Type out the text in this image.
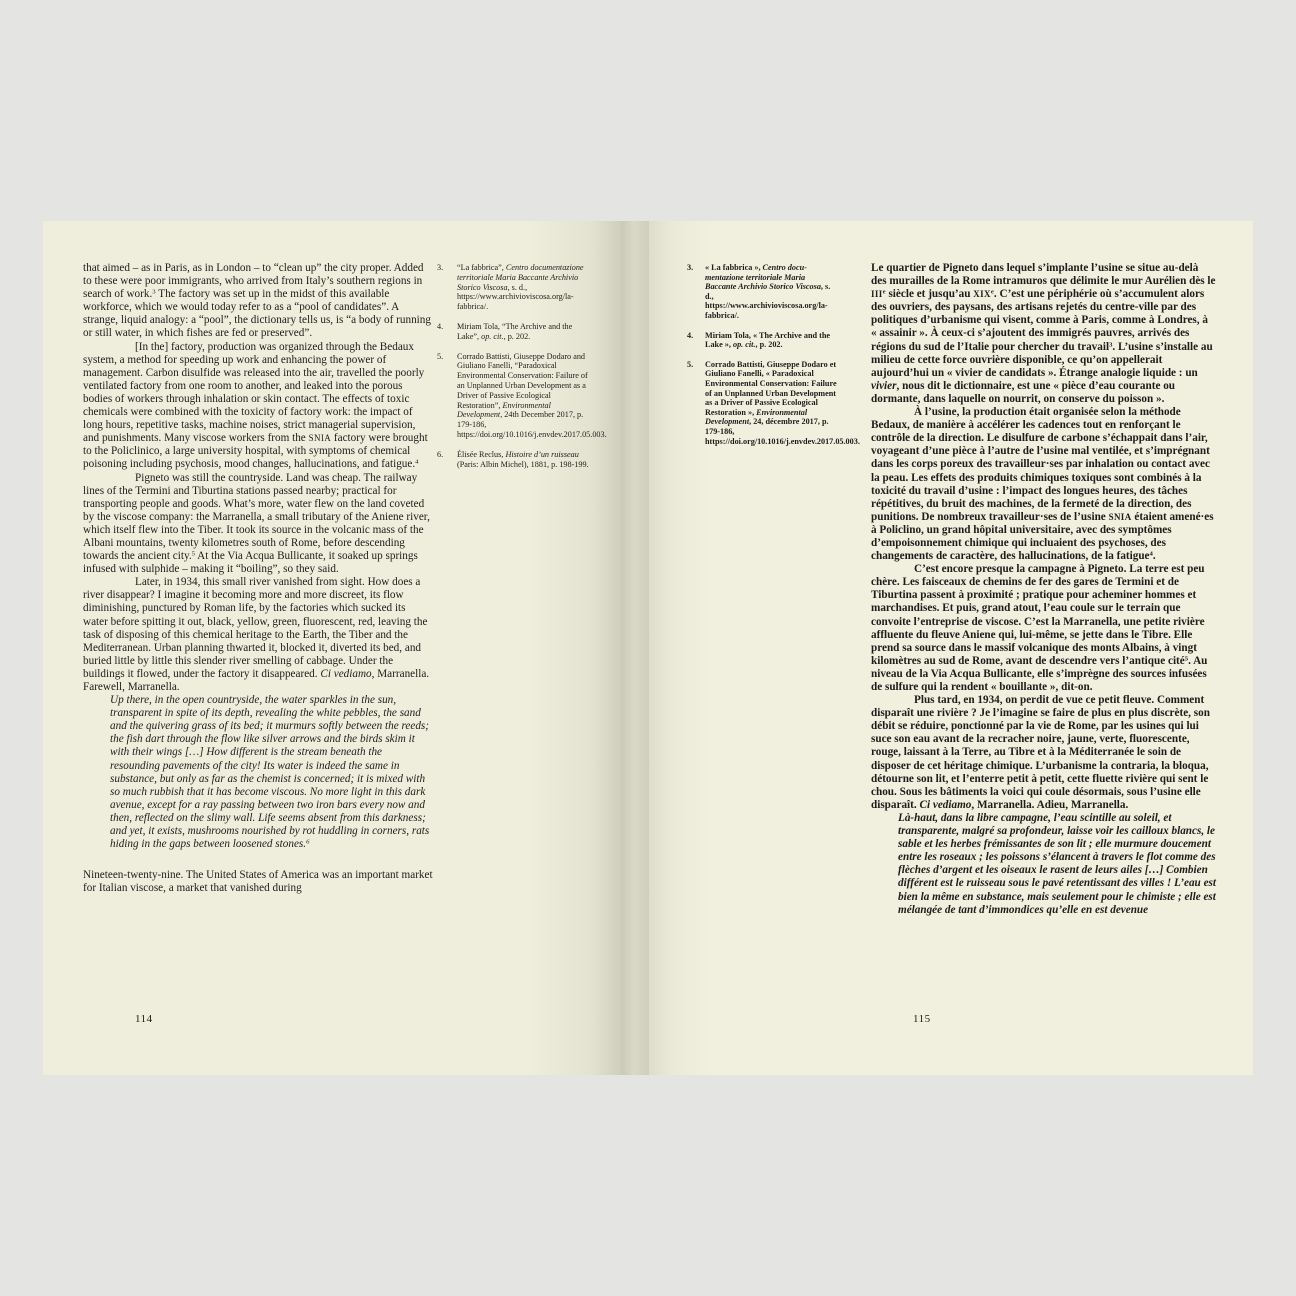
that aimed – as in Paris, as in London – to “clean up” the city proper. Added to these were poor immigrants, who arrived from Italy’s southern regions in search of work.$^3$ The factory was set up in the midst of this available workforce, which we would today refer to as a “pool of candidates”. A strange, liquid analogy: a “pool”, the dictionary tells us, is “a body of running or still water, in which fishes are fed or preserved”.

[In the] factory, production was organized through the Bedaux system, a method for speeding up work and enhancing the power of management. Carbon disulfide was released into the air, travelled the poorly ventilated factory from one room to another, and leaked into the porous bodies of workers through inhalation or skin contact. The effects of toxic chemicals were combined with the toxicity of factory work: the impact of long hours, repetitive tasks, machine noises, strict managerial supervision, and punishments. Many viscose workers from the SNIA factory were brought to the Policlinico, a large university hospital, with symptoms of chemical poisoning including psychosis, mood changes, hallucinations, and fatigue.$^4$

Pigneto was still the countryside. Land was cheap. The railway lines of the Termini and Tiburtina stations passed nearby; practical for transporting people and goods. What’s more, water flew on the land coveted by the viscose company: the Marranella, a small tributary of the Aniene river, which itself flew into the Tiber. It took its source in the volcanic mass of the Albani mountains, twenty kilometres south of Rome, before descending towards the ancient city.$^5$ At the Via Acqua Bullicante, it soaked up springs infused with sulphide – making it “boiling”, so they said.

Later, in 1934, this small river vanished from sight. How does a river disappear? I imagine it becoming more and more discreet, its flow diminishing, punctured by Roman life, by the factories which sucked its water before spitting it out, black, yellow, green, fluorescent, red, leaving the task of disposing of this chemical heritage to the Earth, the Tiber and the Mediterranean. Urban planning thwarted it, blocked it, diverted its bed, and buried little by little this slender river smelling of cabbage. Under the buildings it flowed, under the factory it disappeared. Ci vediamo, Marranella. Farewell, Marranella.

Up there, in the open countryside, the water sparkles in the sun, transparent in spite of its depth, revealing the white pebbles, the sand and the quivering grass of its bed; it murmurs softly between the reeds; the fish dart through the flow like silver arrows and the birds skim it with their wings […] How different is the stream beneath the resounding pavements of the city! Its water is indeed the same in substance, but only as far as the chemist is concerned; it is mixed with so much rubbish that it has become viscous. No more light in this dark avenue, except for a ray passing between two iron bars every now and then, reflected on the slimy wall. Life seems absent from this darkness; and yet, it exists, mushrooms nourished by rot huddling in corners, rats hiding in the gaps between loosened stones.$^6$

Nineteen-twenty-nine. The United States of America was an important market for Italian viscose, a market that vanished during

3. “La fabbrica”, Centro documentazione territoriale Maria Baccante Archivio Storico Viscosa, s. d., https://www.archivioviscosa.org/la-fabbrica/.
4. Miriam Tola, “The Archive and the Lake”, op. cit., p. 202.
5. Corrado Battisti, Giuseppe Dodaro and Giuliano Fanelli, “Paradoxical Environmental Conservation: Failure of an Unplanned Urban Development as a Driver of Passive Ecological Restoration”, Environmental Development, 24th December 2017, p. 179-186, https://doi.org/10.1016/j.envdev.2017.05.003.
6. Élisée Reclus, Histoire d’un ruisseau (Paris: Albin Michel), 1881, p. 198-199.
114
3. « La fabbrica », Centro documentazione territoriale Maria Baccante Archivio Storico Viscosa, s. d., https://www.archivioviscosa.org/la-fabbrica/.
4. Miriam Tola, « The Archive and the Lake », op. cit., p. 202.
5. Corrado Battisti, Giuseppe Dodaro et Giuliano Fanelli, « Paradoxical Environmental Conservation: Failure of an Unplanned Urban Development as a Driver of Passive Ecological Restoration », Environmental Development, 24, décembre 2017, p. 179-186, https://doi.org/10.1016/j.envdev.2017.05.003.

Le quartier de Pigneto dans lequel s’implante l’usine se situe au-delà des murailles de la Rome intramuros que délimite le mur Aurélien dès le IIIe siècle et jusqu’au XIXe. C’est une périphérie où s’accumulent alors des ouvriers, des paysans, des artisans rejetés du centre-ville par des politiques d’urbanisme qui visent, comme à Paris, comme à Londres, à « assainir ». À ceux-ci s’ajoutent des immigrés pauvres, arrivés des régions du sud de l’Italie pour chercher du travail$^3$. L’usine s’installe au milieu de cette force ouvrière disponible, ce qu’on appellerait aujourd’hui un « vivier de candidats ». Étrange analogie liquide : un vivier, nous dit le dictionnaire, est une « pièce d’eau courante ou dormante, dans laquelle on nourrit, on conserve du poisson ».

À l’usine, la production était organisée selon la méthode Bedaux, de manière à accélérer les cadences tout en renforçant le contrôle de la direction. Le disulfure de carbone s’échappait dans l’air, voyageant d’une pièce à l’autre de l’usine mal ventilée, et s’imprégnant dans les corps poreux des travailleur·ses par inhalation ou contact avec la peau. Les effets des produits chimiques toxiques sont combinés à la toxicité du travail d’usine : l’impact des longues heures, des tâches répétitives, du bruit des machines, de la fermeté de la direction, des punitions. De nombreux travailleur·ses de l’usine SNIA étaient amené·es à Policlino, un grand hôpital universitaire, avec des symptômes d’empoisonnement chimique qui incluaient des psychoses, des changements de caractère, des hallucinations, de la fatigue$^4$.

C’est encore presque la campagne à Pigneto. La terre est peu chère. Les faisceaux de chemins de fer des gares de Termini et de Tiburtina passent à proximité ; pratique pour acheminer hommes et marchandises. Et puis, grand atout, l’eau coule sur le terrain que convoite l’entreprise de viscose. C’est la Marranella, une petite rivière affluente du fleuve Aniene qui, lui-même, se jette dans le Tibre. Elle prend sa source dans le massif volcanique des monts Albains, à vingt kilomètres au sud de Rome, avant de descendre vers l’antique cité$^5$. Au niveau de la Via Acqua Bullicante, elle s’imprègne des sources infusées de sulfure qui la rendent « bouillante », dit-on.

Plus tard, en 1934, on perdit de vue ce petit fleuve. Comment disparaît une rivière ? Je l’imagine se faire de plus en plus discrète, son débit se réduire, ponctionné par la vie de Rome, par les usines qui lui suce son eau avant de la recracher noire, jaune, verte, fluorescente, rouge, laissant à la Terre, au Tibre et à la Méditerranée le soin de disposer de cet héritage chimique. L’urbanisme la contraria, la bloqua, détourne son lit, et l’enterre petit à petit, cette fluette rivière qui sent le chou. Sous les bâtiments la voici qui coule désormais, sous l’usine elle disparaît. Ci vediamo, Marranella. Adieu, Marranella.

Là-haut, dans la libre campagne, l’eau scintille au soleil, et transparente, malgré sa profondeur, laisse voir les cailloux blancs, le sable et les herbes frémissantes de son lit ; elle murmure doucement entre les roseaux ; les poissons s’élancent à travers le flot comme des flèches d’argent et les oiseaux le rasent de leurs ailes […] Combien différent est le ruisseau sous le pavé retentissant des villes ! L’eau est bien la même en substance, mais seulement pour le chimiste ; elle est mélangée de tant d’immondices qu’elle en est devenue

115
